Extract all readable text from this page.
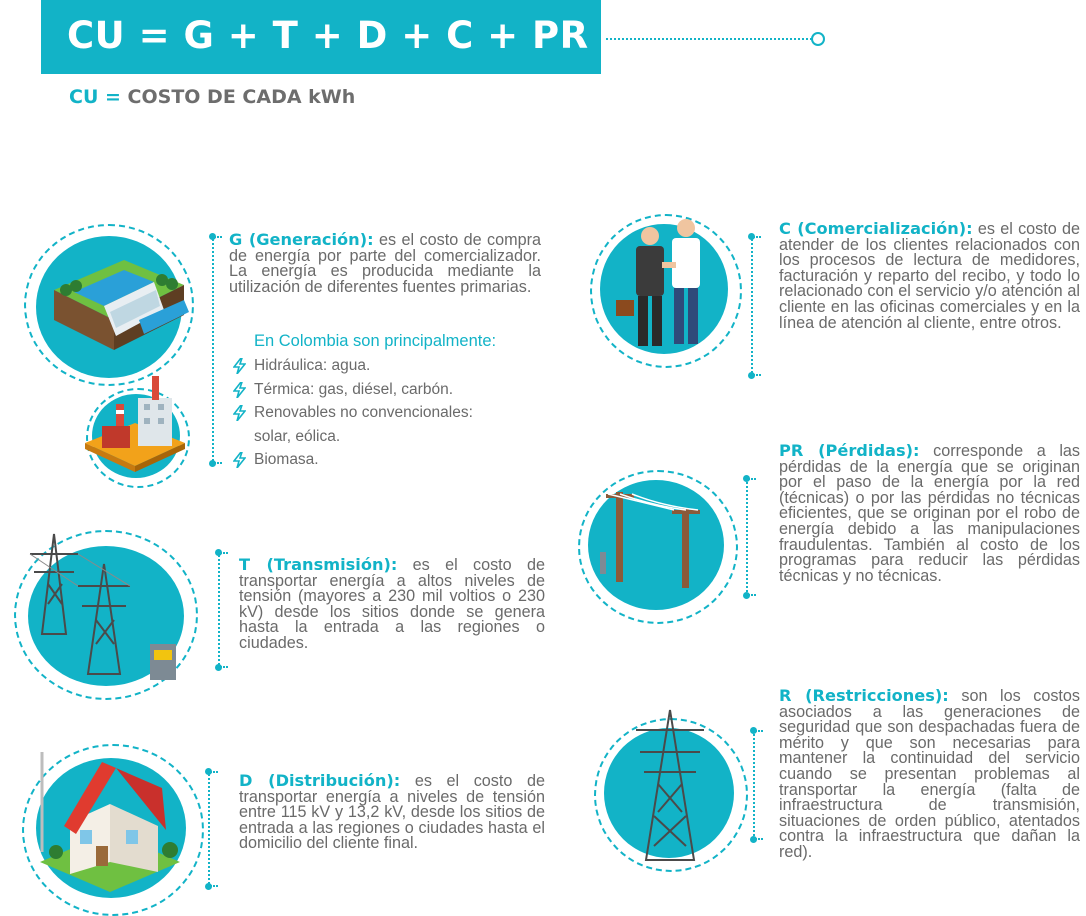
CU = G + T + D + C + PR + R
CU = COSTO DE CADA kWh
G (Generación): es el costo de compra de energía por parte del comercializador. La energía es producida mediante la utilización de diferentes fuentes primarias.
En Colombia son principalmente:
Hidráulica: agua.
Térmica: gas, diésel, carbón.
Renovables no convencionales:
solar, eólica.
Biomasa.
T (Transmisión): es el costo de transportar energía a altos niveles de tensión (mayores a 230 mil voltios o 230 kV) desde los sitios donde se genera hasta la entrada a las regiones o ciudades.
D (Distribución): es el costo de transportar energía a niveles de tensión entre 115 kV y 13,2 kV, desde los sitios de entrada a las regiones o ciudades hasta el domicilio del cliente final.
C (Comercialización): es el costo de atender de los clientes relacionados con los procesos de lectura de medidores, facturación y reparto del recibo, y todo lo relacionado con el servicio y/o atención al cliente en las oficinas comerciales y en la línea de atención al cliente, entre otros.
PR (Pérdidas): corresponde a las pérdidas de la energía que se originan por el paso de la energía por la red (técnicas) o por las pérdidas no técnicas eficientes, que se originan por el robo de energía debido a las manipulaciones fraudulentas. También al costo de los programas para reducir las pérdidas técnicas y no técnicas.
R (Restricciones): son los costos asociados a las generaciones de seguridad que son despachadas fuera de mérito y que son necesarias para mantener la continuidad del servicio cuando se presentan problemas al transportar la energía (falta de infraestructura de transmisión, situaciones de orden público, atentados contra la infraestructura que dañan la red).
